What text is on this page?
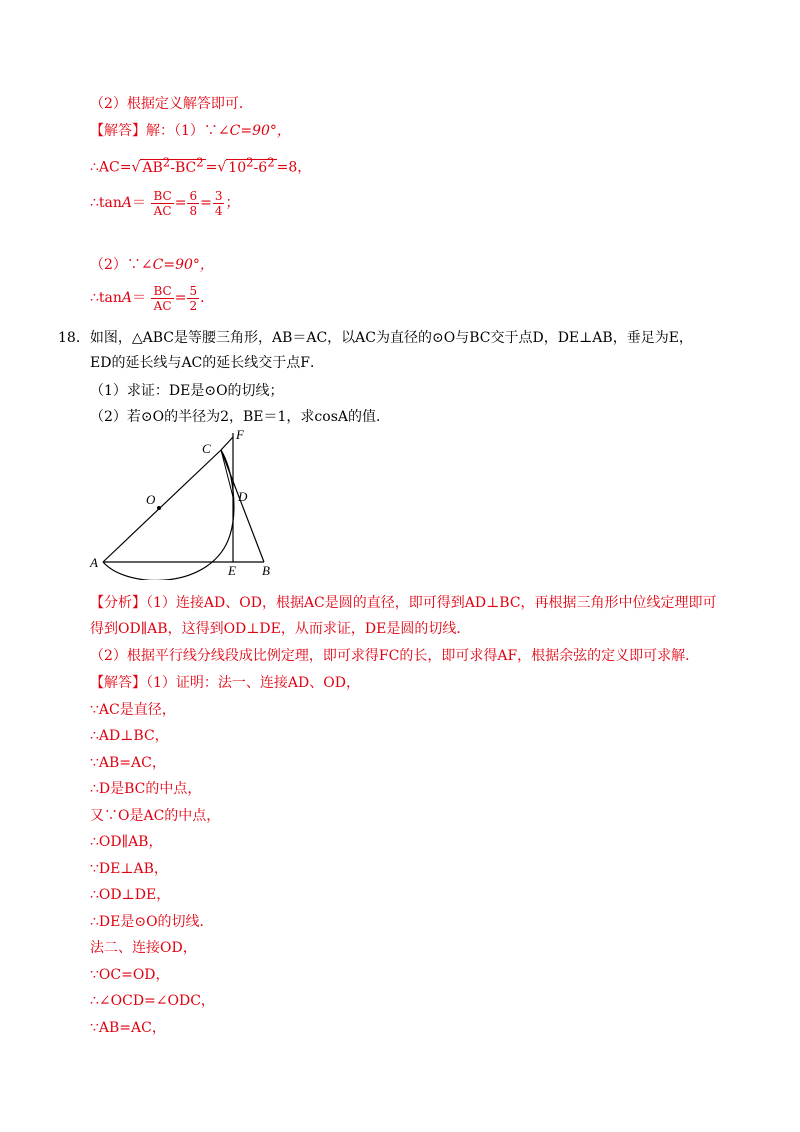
（2）根据定义解答即可．
【解答】解：（1）∵∠C=90°，
∴AC=√ $AB^2-BC^2$ =√ $10^2-6^2 =8$，
∴tanA＝ $\frac{BC}{AC} = \frac{6}{8} = \frac{3}{4}$ ；
（2）∵∠C=90°，
∴tanA＝ $\frac{BC}{AC} = \frac{5}{2}$ ．
18．如图，△ABC是等腰三角形，AB＝AC，以AC为直径的⊙O与BC交于点D，DE⊥AB，垂足为E，
ED的延长线与AC的延长线交于点F．
（1）求证：DE是⊙O的切线；
（2）若⊙O的半径为2，BE＝1，求cosA的值．
A
B
C
D
E
F
O
【分析】（1）连接AD、OD，根据AC是圆的直径，即可得到AD⊥BC，再根据三角形中位线定理即可
得到OD∥AB，这得到OD⊥DE，从而求证，DE是圆的切线．
（2）根据平行线分线段成比例定理，即可求得FC的长，即可求得AF，根据余弦的定义即可求解．
【解答】（1）证明：法一、连接AD、OD，
∵AC是直径，
∴AD⊥BC，
∵AB=AC，
∴D是BC的中点，
又∵O是AC的中点，
∴OD∥AB，
∵DE⊥AB，
∴OD⊥DE，
∴DE是⊙O的切线．
法二、连接OD，
∵OC=OD，
∴∠OCD=∠ODC，
∵AB=AC，
